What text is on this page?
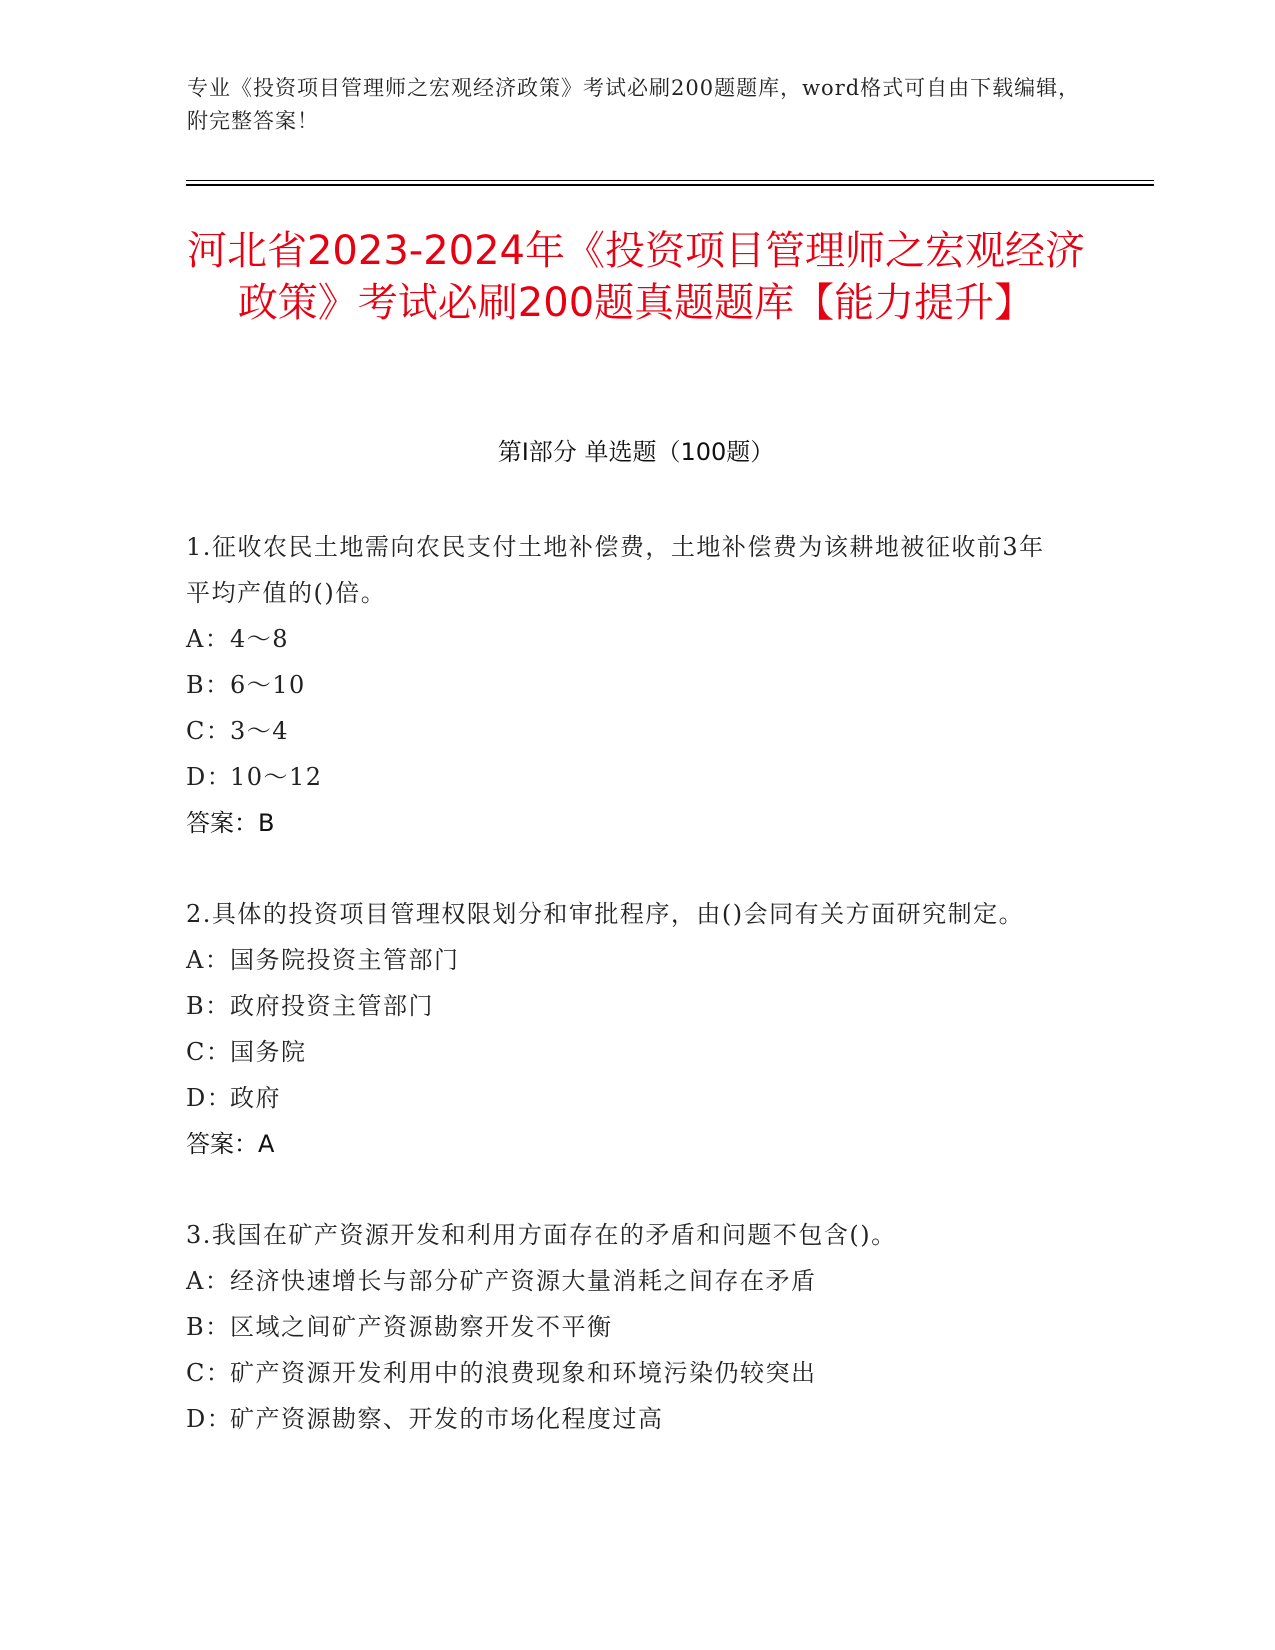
专业《投资项目管理师之宏观经济政策》考试必刷200题题库，word格式可自由下载编辑，附完整答案！
河北省2023-2024年《投资项目管理师之宏观经济政策》考试必刷200题真题题库【能力提升】
第Ⅰ部分 单选题（100题）
1.征收农民土地需向农民支付土地补偿费，土地补偿费为该耕地被征收前3年平均产值的()倍。
A：4～8
B：6～10
C：3～4
D：10～12
答案：B
2.具体的投资项目管理权限划分和审批程序，由()会同有关方面研究制定。
A：国务院投资主管部门
B：政府投资主管部门
C：国务院
D：政府
答案：A
3.我国在矿产资源开发和利用方面存在的矛盾和问题不包含()。
A：经济快速增长与部分矿产资源大量消耗之间存在矛盾
B：区域之间矿产资源勘察开发不平衡
C：矿产资源开发利用中的浪费现象和环境污染仍较突出
D：矿产资源勘察、开发的市场化程度过高
